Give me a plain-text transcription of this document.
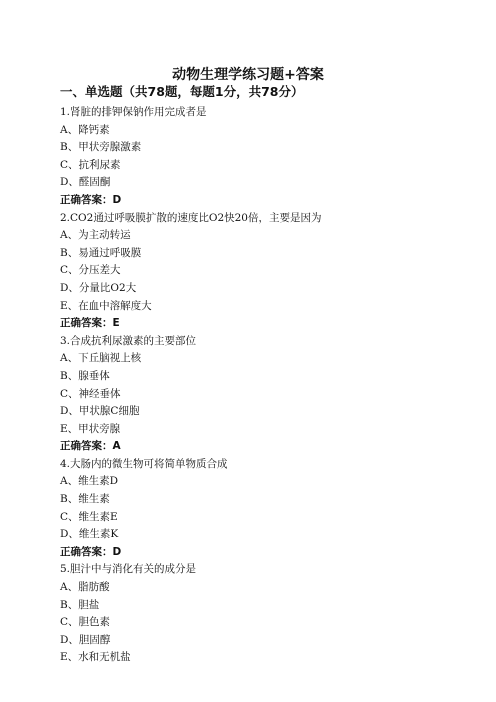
动物生理学练习题+答案
一、单选题（共78题，每题1分，共78分）
1.肾脏的排钾保钠作用完成者是
A、降钙素
B、甲状旁腺激素
C、抗利尿素
D、醛固酮
正确答案：D
2.CO2通过呼吸膜扩散的速度比O2快20倍，主要是因为
A、为主动转运
B、易通过呼吸膜
C、分压差大
D、分量比O2大
E、在血中溶解度大
正确答案：E
3.合成抗利尿激素的主要部位
A、下丘脑视上核
B、腺垂体
C、神经垂体
D、甲状腺C细胞
E、甲状旁腺
正确答案：A
4.大肠内的微生物可将简单物质合成
A、维生素D
B、维生素
C、维生素E
D、维生素K
正确答案：D
5.胆汁中与消化有关的成分是
A、脂肪酸
B、胆盐
C、胆色素
D、胆固醇
E、水和无机盐
